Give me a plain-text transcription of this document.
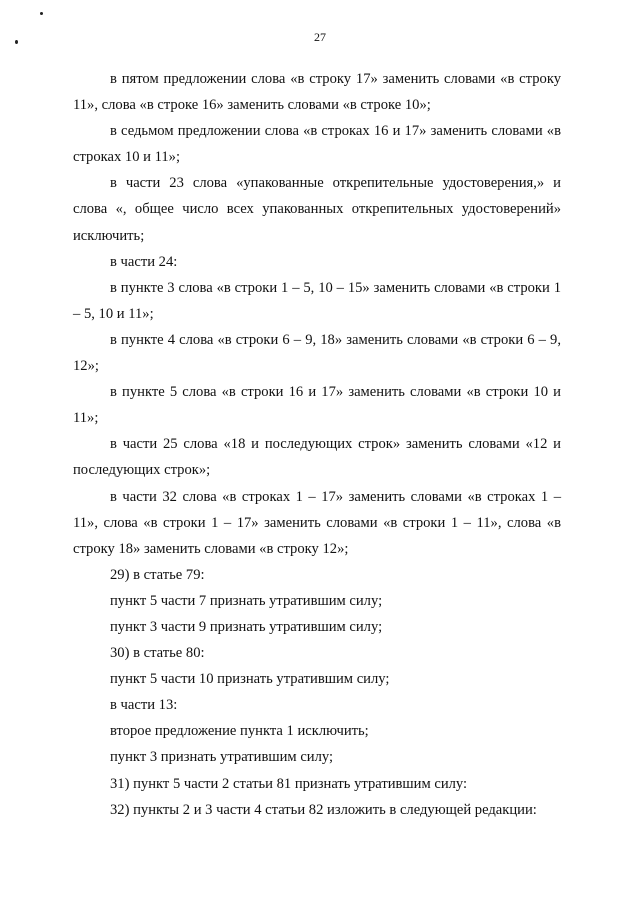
27

в пятом предложении слова «в строку 17» заменить словами «в строку 11», слова «в строке 16» заменить словами «в строке 10»;

в седьмом предложении слова «в строках 16 и 17» заменить словами «в строках 10 и 11»;

в части 23 слова «упакованные открепительные удостоверения,» и слова «, общее число всех упакованных открепительных удостоверений» исключить;

в части 24:

в пункте 3 слова «в строки 1 – 5, 10 – 15» заменить словами «в строки 1 – 5, 10 и 11»;

в пункте 4 слова «в строки 6 – 9, 18» заменить словами «в строки 6 – 9, 12»;

в пункте 5 слова «в строки 16 и 17» заменить словами «в строки 10 и 11»;

в части 25 слова «18 и последующих строк» заменить словами «12 и последующих строк»;

в части 32 слова «в строках 1 – 17» заменить словами «в строках 1 – 11», слова «в строки 1 – 17» заменить словами «в строки 1 – 11», слова «в строку 18» заменить словами «в строку 12»;

29) в статье 79:

пункт 5 части 7 признать утратившим силу;

пункт 3 части 9 признать утратившим силу;

30) в статье 80:

пункт 5 части 10 признать утратившим силу;

в части 13:

второе предложение пункта 1 исключить;

пункт 3 признать утратившим силу;

31) пункт 5 части 2 статьи 81 признать утратившим силу:

32) пункты 2 и 3 части 4 статьи 82 изложить в следующей редакции:
